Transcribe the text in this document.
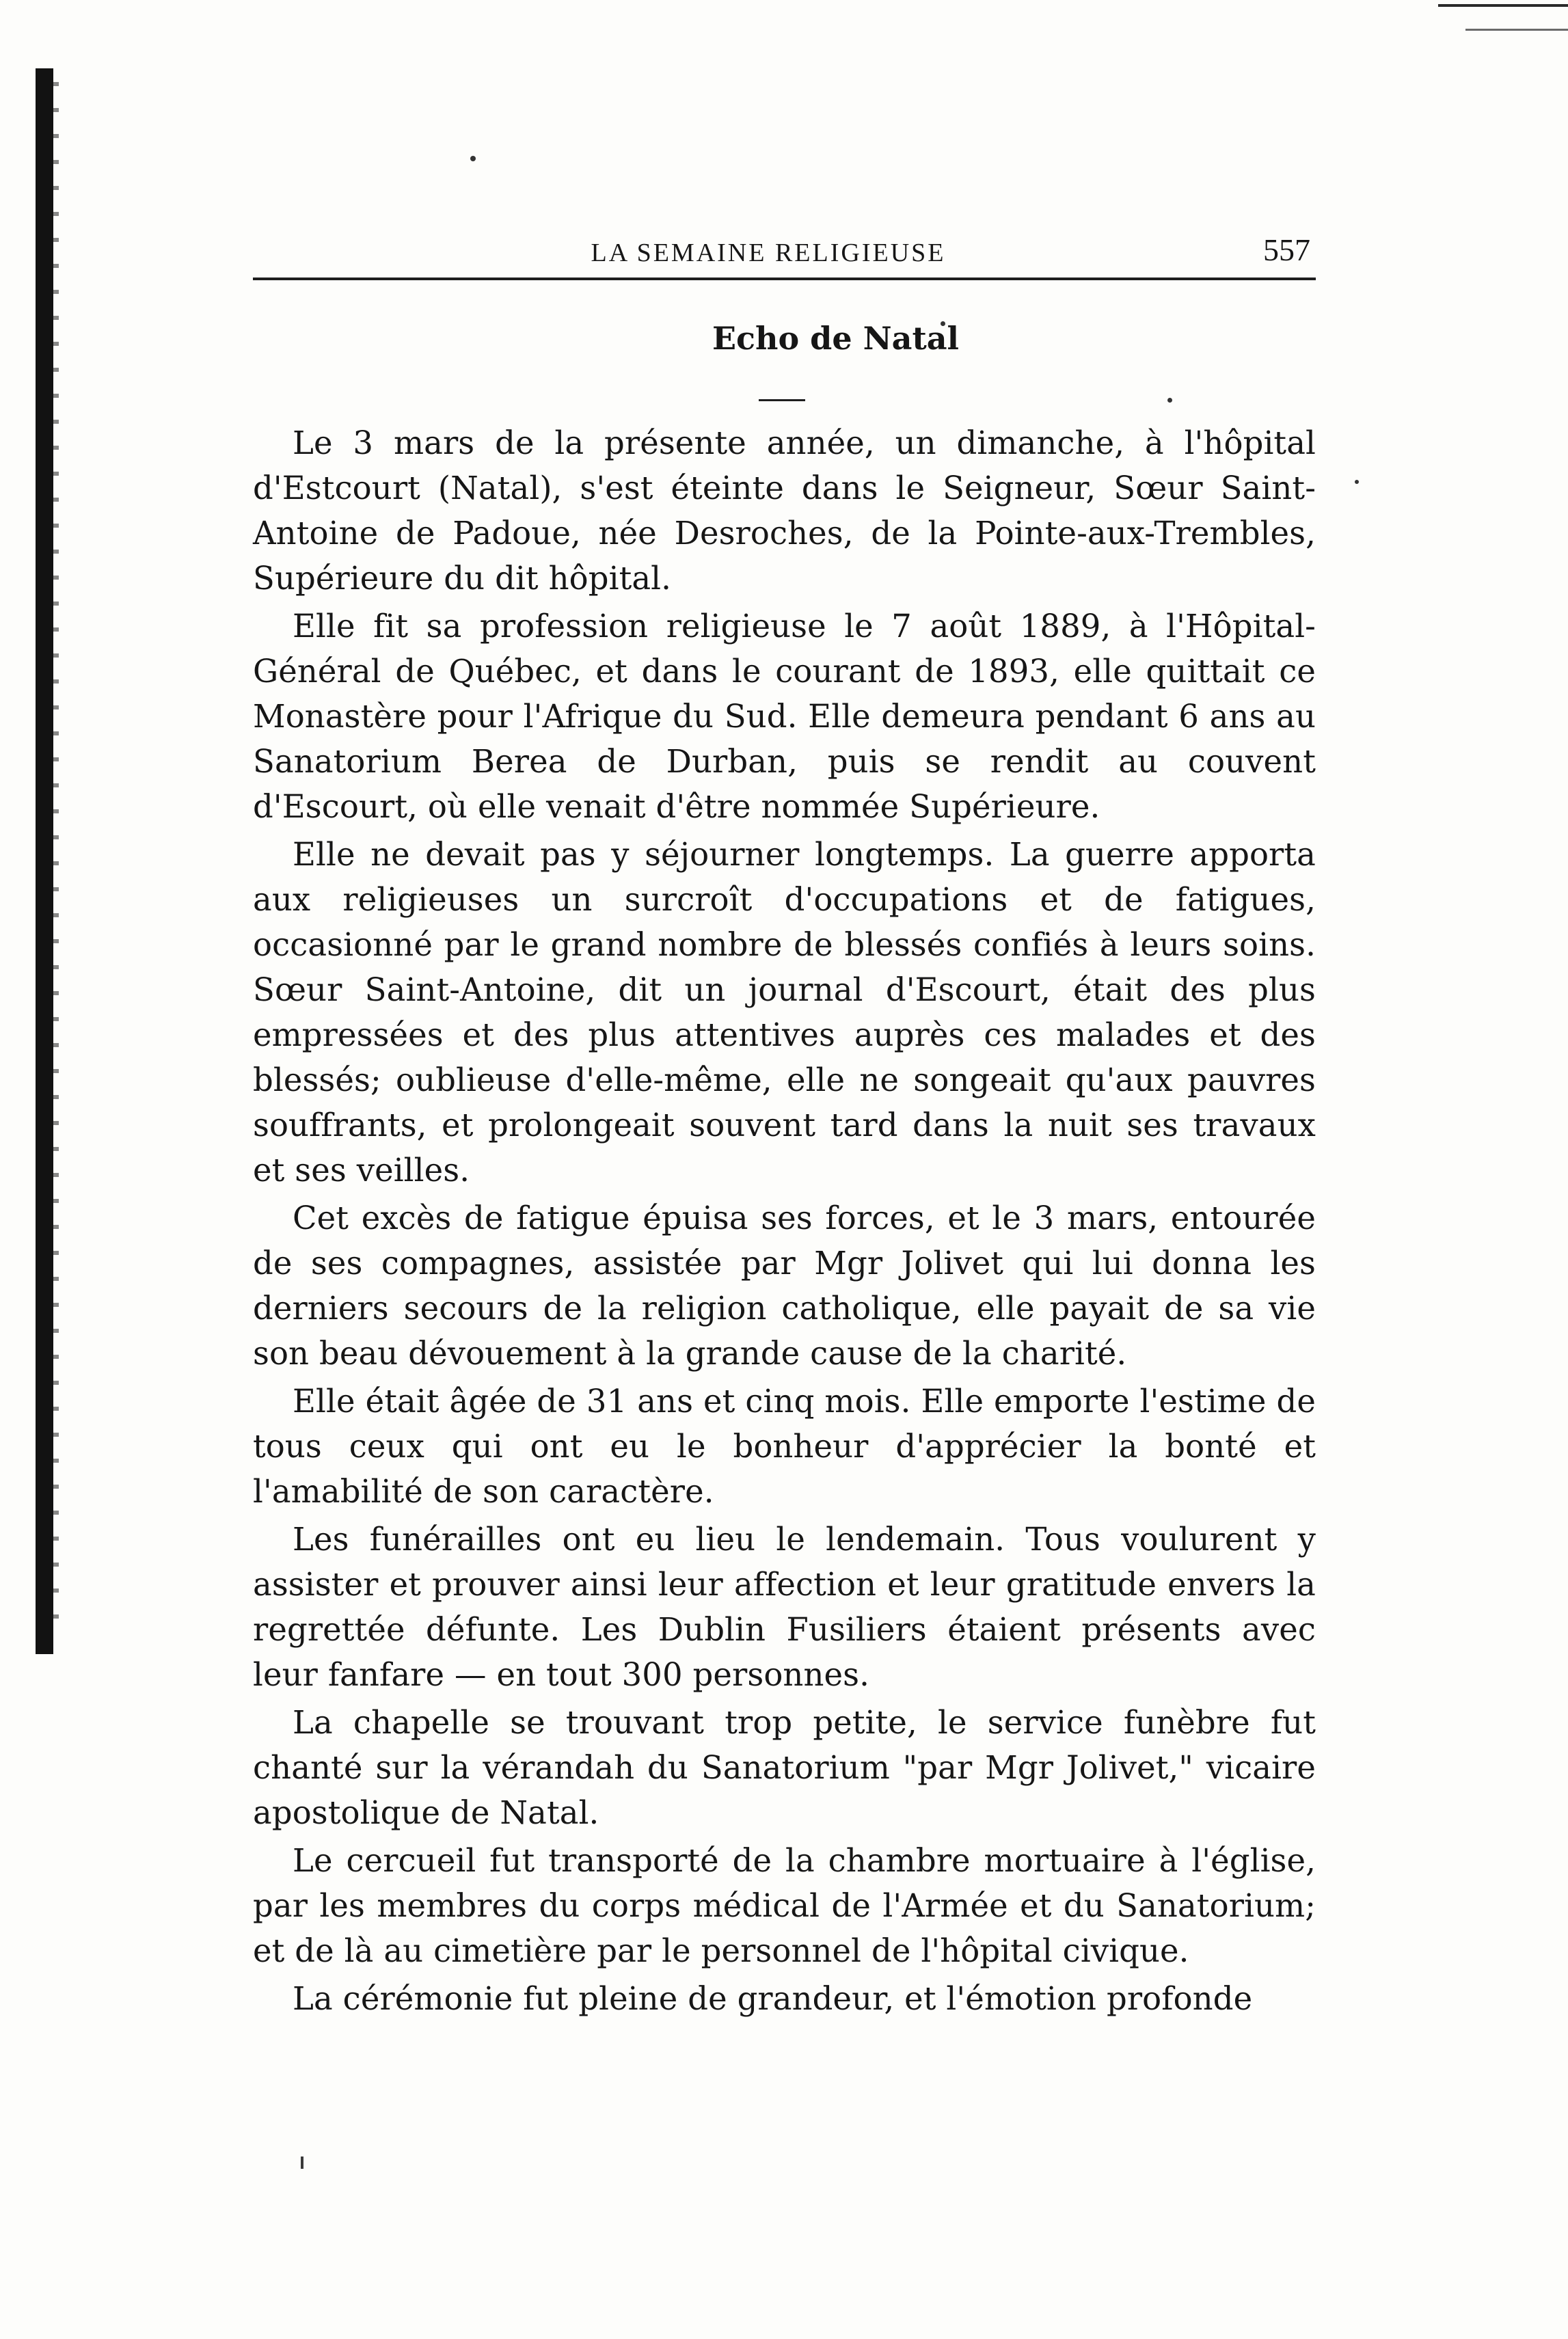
LA SEMAINE RELIGIEUSE	557
Echo de Natal

Le 3 mars de la présente année, un dimanche, à l'hôpital d'Estcourt (Natal), s'est éteinte dans le Seigneur, Sœur Saint-Antoine de Padoue, née Desroches, de la Pointe-aux-Trembles, Supérieure du dit hôpital.

Elle fit sa profession religieuse le 7 août 1889, à l'Hôpital-Général de Québec, et dans le courant de 1893, elle quittait ce Monastère pour l'Afrique du Sud. Elle demeura pendant 6 ans au Sanatorium Berea de Durban, puis se rendit au couvent d'Escourt, où elle venait d'être nommée Supérieure.

Elle ne devait pas y séjourner longtemps. La guerre apporta aux religieuses un surcroît d'occupations et de fatigues, occasionné par le grand nombre de blessés confiés à leurs soins. Sœur Saint-Antoine, dit un journal d'Escourt, était des plus empressées et des plus attentives auprès ces malades et des blessés; oublieuse d'elle-même, elle ne songeait qu'aux pauvres souffrants, et prolongeait souvent tard dans la nuit ses travaux et ses veilles.

Cet excès de fatigue épuisa ses forces, et le 3 mars, entourée de ses compagnes, assistée par Mgr Jolivet qui lui donna les derniers secours de la religion catholique, elle payait de sa vie son beau dévouement à la grande cause de la charité.

Elle était âgée de 31 ans et cinq mois. Elle emporte l'estime de tous ceux qui ont eu le bonheur d'apprécier la bonté et l'amabilité de son caractère.

Les funérailles ont eu lieu le lendemain. Tous voulurent y assister et prouver ainsi leur affection et leur gratitude envers la regrettée défunte. Les Dublin Fusiliers étaient présents avec leur fanfare — en tout 300 personnes.

La chapelle se trouvant trop petite, le service funèbre fut chanté sur la vérandah du Sanatorium "par Mgr Jolivet," vicaire apostolique de Natal.

Le cercueil fut transporté de la chambre mortuaire à l'église, par les membres du corps médical de l'Armée et du Sanatorium; et de là au cimetière par le personnel de l'hôpital civique.

La cérémonie fut pleine de grandeur, et l'émotion profonde
